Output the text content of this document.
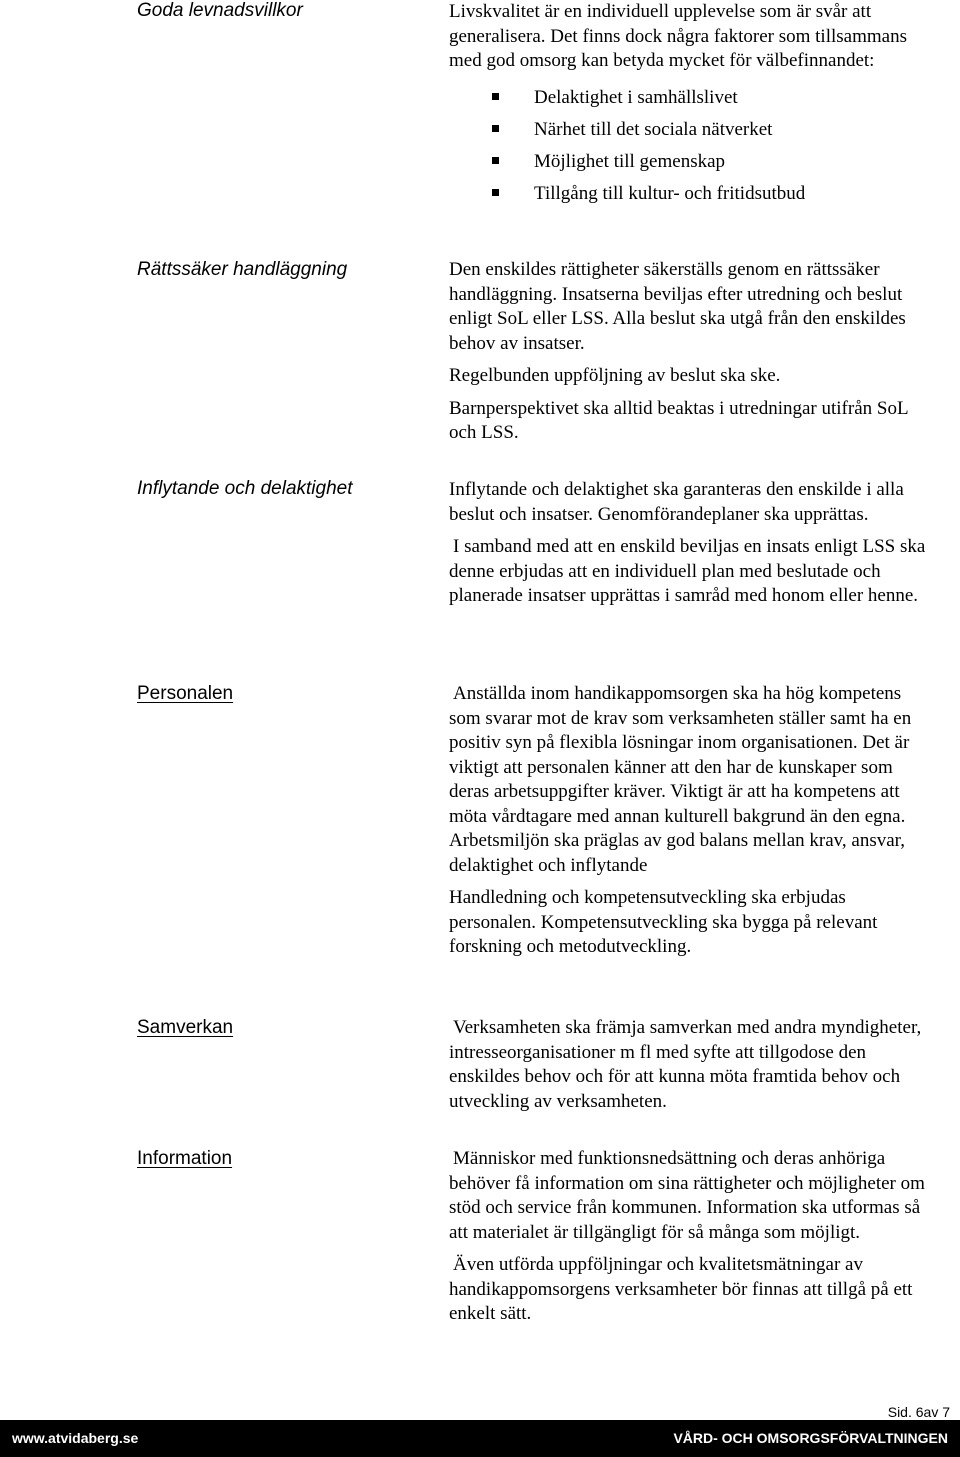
Goda levnadsvillkor	Livskvalitet är en individuell upplevelse som är svår att generalisera. Det finns dock några faktorer som tillsammans med god omsorg kan betyda mycket för välbefinnandet:

Delaktighet i samhällslivet
Närhet till det sociala nätverket
Möjlighet till gemenskap
Tillgång till kultur- och fritidsutbud
Rättssäker handläggning	Den enskildes rättigheter säkerställs genom en rättssäker handläggning. Insatserna beviljas efter utredning och beslut enligt SoL eller LSS. Alla beslut ska utgå från den enskildes behov av insatser.

Regelbunden uppföljning av beslut ska ske.

Barnperspektivet ska alltid beaktas i utredningar utifrån SoL och LSS.

Inflytande och delaktighet	Inflytande och delaktighet ska garanteras den enskilde i alla beslut och insatser. Genomförandeplaner ska upprättas.

I samband med att en enskild beviljas en insats enligt LSS ska denne erbjudas att en individuell plan med beslutade och planerade insatser upprättas i samråd med honom eller henne.

Personalen	Anställda inom handikappomsorgen ska ha hög kompetens som svarar mot de krav som verksamheten ställer samt ha en positiv syn på flexibla lösningar inom organisationen. Det är viktigt att personalen känner att den har de kunskaper som deras arbetsuppgifter kräver. Viktigt är att ha kompetens att möta vårdtagare med annan kulturell bakgrund än den egna. Arbetsmiljön ska präglas av god balans mellan krav, ansvar, delaktighet och inflytande

Handledning och kompetensutveckling ska erbjudas personalen. Kompetensutveckling ska bygga på relevant forskning och metodutveckling.

Samverkan	Verksamheten ska främja samverkan med andra myndigheter, intresseorganisationer m fl med syfte att tillgodose den enskildes behov och för att kunna möta framtida behov och utveckling av verksamheten.

Information	Människor med funktionsnedsättning och deras anhöriga behöver få information om sina rättigheter och möjligheter om stöd och service från kommunen. Information ska utformas så att materialet är tillgängligt för så många som möjligt.

Även utförda uppföljningar och kvalitetsmätningar av handikappomsorgens verksamheter bör finnas att tillgå på ett enkelt sätt.

Sid. 6av 7
www.atvidaberg.se	VÅRD- OCH OMSORGSFÖRVALTNINGEN
